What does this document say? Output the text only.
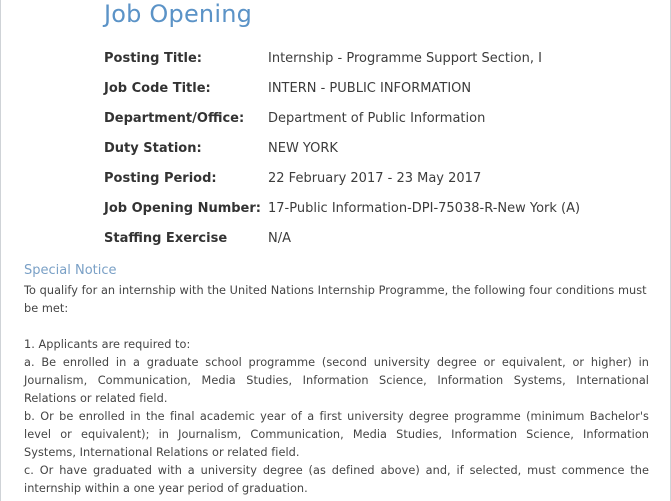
Job Opening
Posting Title:	Internship - Programme Support Section, I
Job Code Title:	INTERN - PUBLIC INFORMATION
Department/Office: Department of Public Information
Duty Station:	NEW YORK
Posting Period:	22 February 2017 - 23 May 2017
Job Opening Number: 17-Public Information-DPI-75038-R-New York (A)
Staffing Exercise	N/A
Special Notice

To qualify for an internship with the United Nations Internship Programme, the following four conditions must be met:

1. Applicants are required to:

a. Be enrolled in a graduate school programme (second university degree or equivalent, or higher) in Journalism, Communication, Media Studies, Information Science, Information Systems, International Relations or related field.

b. Or be enrolled in the final academic year of a first university degree programme (minimum Bachelor's level or equivalent); in Journalism, Communication, Media Studies, Information Science, Information Systems, International Relations or related field.

c. Or have graduated with a university degree (as defined above) and, if selected, must commence the internship within a one year period of graduation.
